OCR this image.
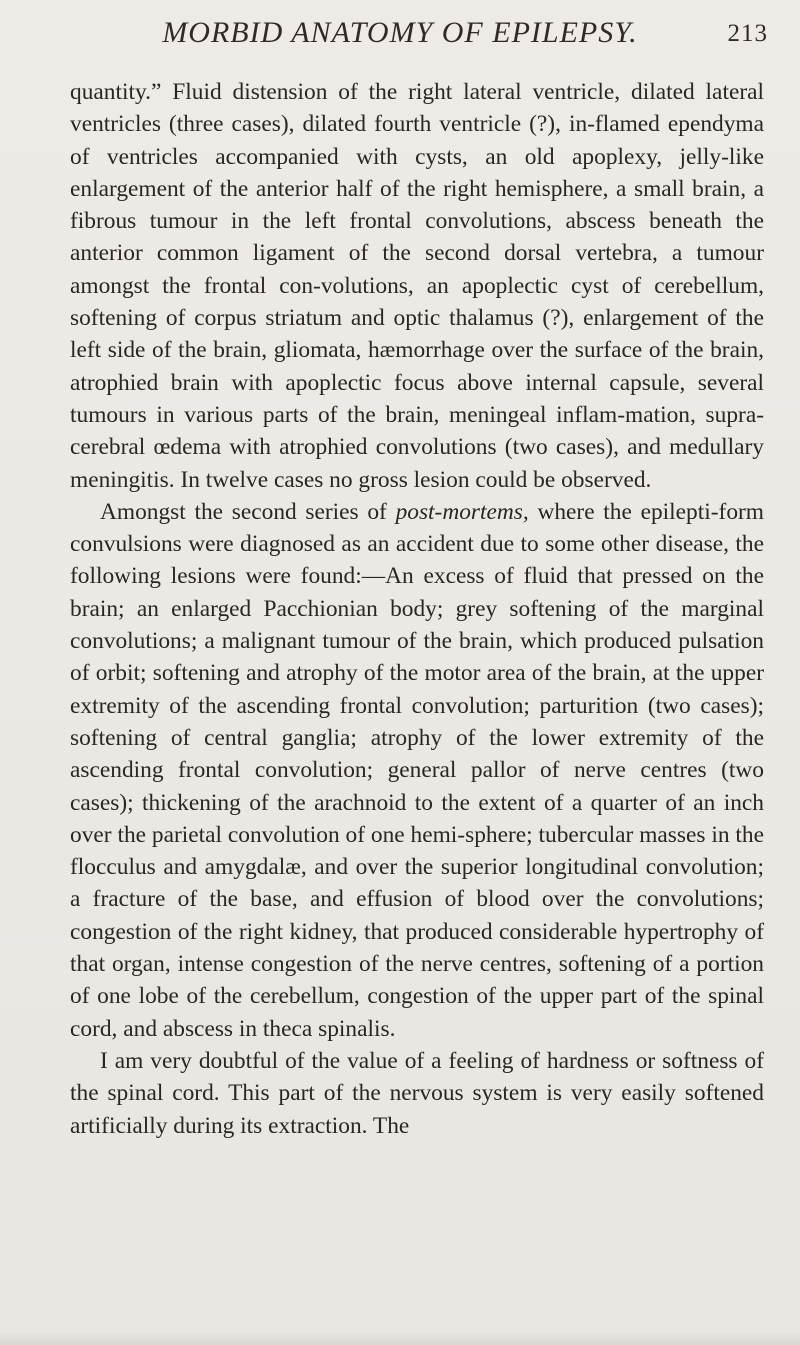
MORBID ANATOMY OF EPILEPSY.	213

quantity.” Fluid distension of the right lateral ventricle, dilated lateral ventricles (three cases), dilated fourth ventricle (?), in-flamed ependyma of ventricles accompanied with cysts, an old apoplexy, jelly-like enlargement of the anterior half of the right hemisphere, a small brain, a fibrous tumour in the left frontal convolutions, abscess beneath the anterior common ligament of the second dorsal vertebra, a tumour amongst the frontal con-volutions, an apoplectic cyst of cerebellum, softening of corpus striatum and optic thalamus (?), enlargement of the left side of the brain, gliomata, hæmorrhage over the surface of the brain, atrophied brain with apoplectic focus above internal capsule, several tumours in various parts of the brain, meningeal inflam-mation, supra-cerebral œdema with atrophied convolutions (two cases), and medullary meningitis. In twelve cases no gross lesion could be observed.

Amongst the second series of post-mortems, where the epilepti-form convulsions were diagnosed as an accident due to some other disease, the following lesions were found:—An excess of fluid that pressed on the brain; an enlarged Pacchionian body; grey softening of the marginal convolutions; a malignant tumour of the brain, which produced pulsation of orbit; softening and atrophy of the motor area of the brain, at the upper extremity of the ascending frontal convolution; parturition (two cases); softening of central ganglia; atrophy of the lower extremity of the ascending frontal convolution; general pallor of nerve centres (two cases); thickening of the arachnoid to the extent of a quarter of an inch over the parietal convolution of one hemi-sphere; tubercular masses in the flocculus and amygdalæ, and over the superior longitudinal convolution; a fracture of the base, and effusion of blood over the convolutions; congestion of the right kidney, that produced considerable hypertrophy of that organ, intense congestion of the nerve centres, softening of a portion of one lobe of the cerebellum, congestion of the upper part of the spinal cord, and abscess in theca spinalis.

I am very doubtful of the value of a feeling of hardness or softness of the spinal cord. This part of the nervous system is very easily softened artificially during its extraction. The
